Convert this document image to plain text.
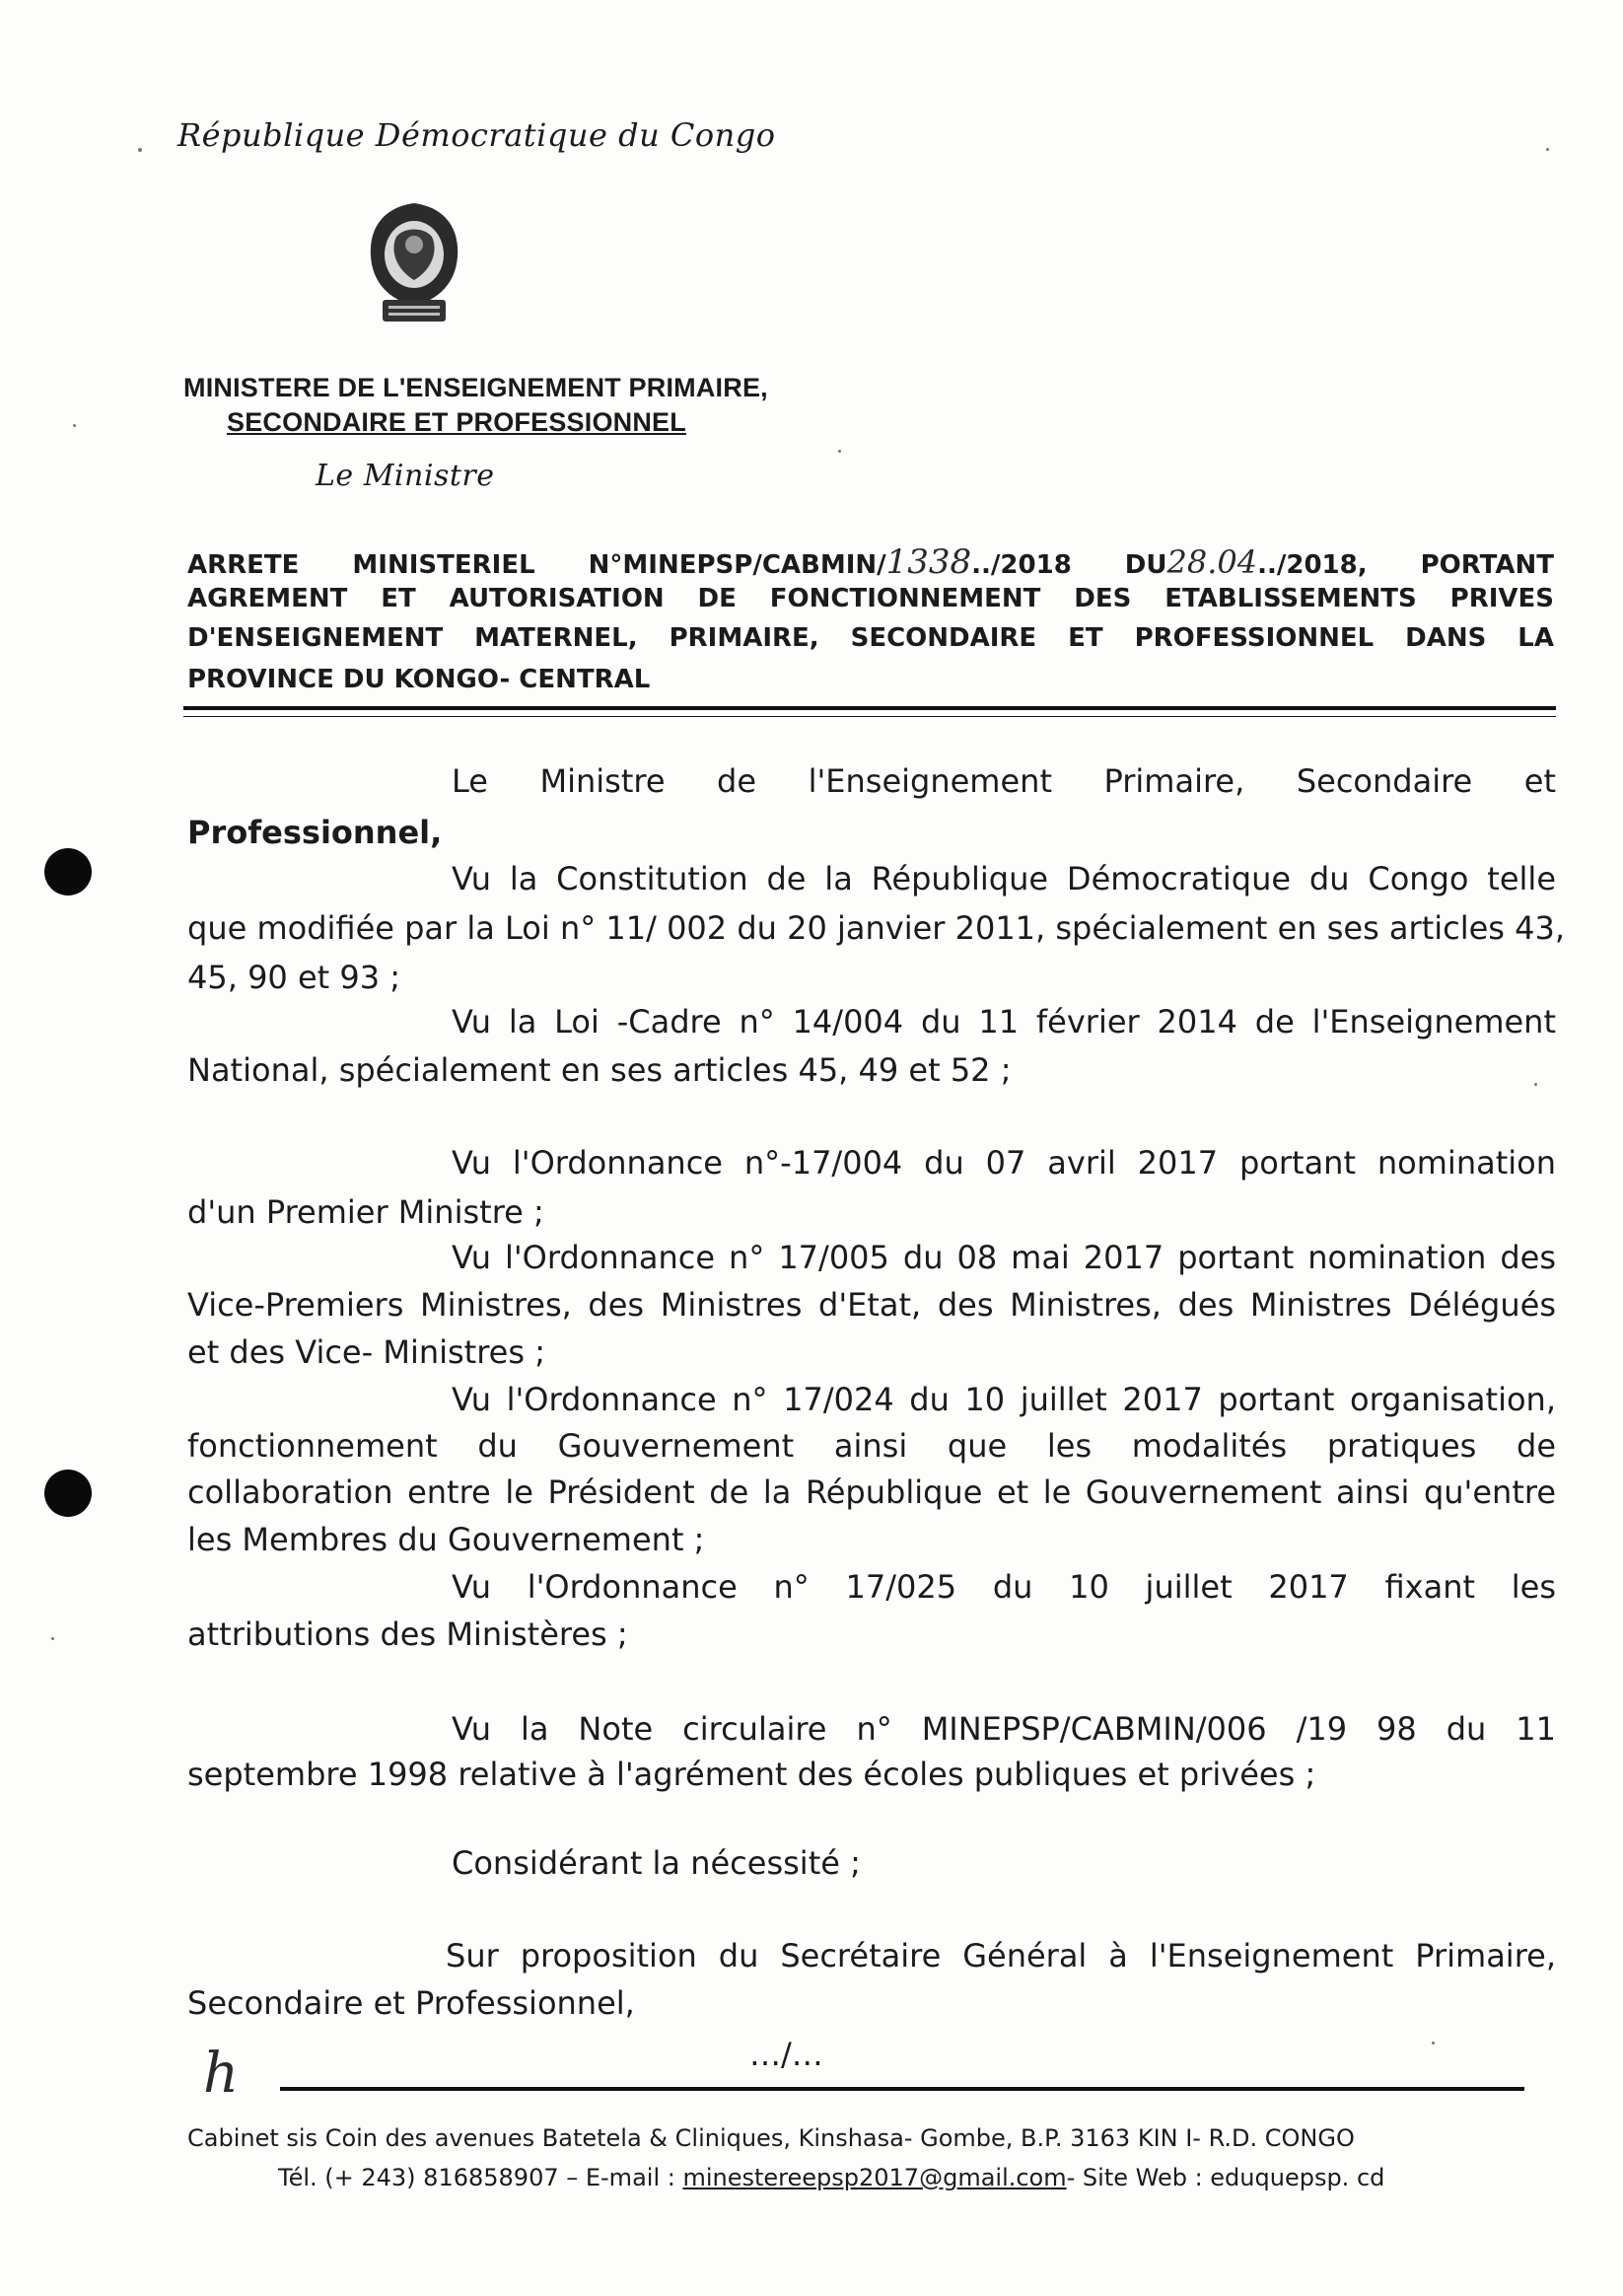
République Démocratique du Congo
MINISTERE DE L'ENSEIGNEMENT PRIMAIRE,
SECONDAIRE ET PROFESSIONNEL
Le Ministre
ARRETE MINISTERIEL N°MINEPSP/CABMIN/1338../2018 DU28.04../2018, PORTANT
AGREMENT ET AUTORISATION DE FONCTIONNEMENT DES ETABLISSEMENTS PRIVES
D'ENSEIGNEMENT MATERNEL, PRIMAIRE, SECONDAIRE ET PROFESSIONNEL DANS LA
PROVINCE DU KONGO- CENTRAL
Le Ministre de l'Enseignement Primaire, Secondaire et
Professionnel,
Vu la Constitution de la République Démocratique du Congo telle
que modifiée par la Loi n° 11/ 002 du 20 janvier 2011, spécialement en ses articles 43,
45, 90 et 93 ;
Vu la Loi -Cadre n° 14/004 du 11 février 2014 de l'Enseignement
National, spécialement en ses articles 45, 49 et 52 ;
Vu l'Ordonnance n°-17/004 du 07 avril 2017 portant nomination
d'un Premier Ministre ;
Vu l'Ordonnance n° 17/005 du 08 mai 2017 portant nomination des
Vice-Premiers Ministres, des Ministres d'Etat, des Ministres, des Ministres Délégués
et des Vice- Ministres ;
Vu l'Ordonnance n° 17/024 du 10 juillet 2017 portant organisation,
fonctionnement du Gouvernement ainsi que les modalités pratiques de
collaboration entre le Président de la République et le Gouvernement ainsi qu'entre
les Membres du Gouvernement ;
Vu l'Ordonnance n° 17/025 du 10 juillet 2017 fixant les
attributions des Ministères ;
Vu la Note circulaire n° MINEPSP/CABMIN/006 /19 98 du 11
septembre 1998 relative à l'agrément des écoles publiques et privées ;
Considérant la nécessité ;
Sur proposition du Secrétaire Général à l'Enseignement Primaire,
Secondaire et Professionnel,
h	…/…
Cabinet sis Coin des avenues Batetela & Cliniques, Kinshasa- Gombe, B.P. 3163 KIN I- R.D. CONGO
Tél. (+ 243) 816858907 – E-mail : minestereepsp2017@gmail.com- Site Web : eduquepsp. cd
